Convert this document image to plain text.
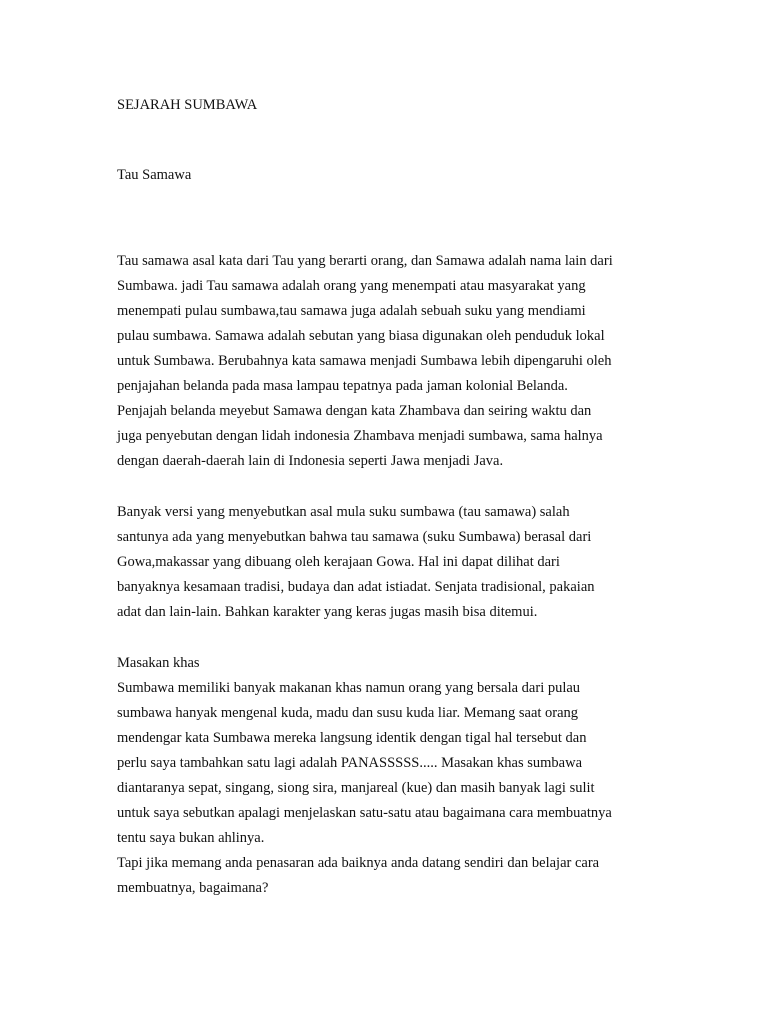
SEJARAH SUMBAWA
Tau Samawa
Tau samawa asal kata dari Tau yang berarti orang, dan Samawa adalah nama lain dari
Sumbawa. jadi Tau samawa adalah orang yang menempati atau masyarakat yang
menempati pulau sumbawa,tau samawa juga adalah sebuah suku yang mendiami
pulau sumbawa. Samawa adalah sebutan yang biasa digunakan oleh penduduk lokal
untuk Sumbawa. Berubahnya kata samawa menjadi Sumbawa lebih dipengaruhi oleh
penjajahan belanda pada masa lampau tepatnya pada jaman kolonial Belanda.
Penjajah belanda meyebut Samawa dengan kata Zhambava dan seiring waktu dan
juga penyebutan dengan lidah indonesia Zhambava menjadi sumbawa, sama halnya
dengan daerah-daerah lain di Indonesia seperti Jawa menjadi Java.
Banyak versi yang menyebutkan asal mula suku sumbawa (tau samawa) salah
santunya ada yang menyebutkan bahwa tau samawa (suku Sumbawa) berasal dari
Gowa,makassar yang dibuang oleh kerajaan Gowa. Hal ini dapat dilihat dari
banyaknya kesamaan tradisi, budaya dan adat istiadat. Senjata tradisional, pakaian
adat dan lain-lain. Bahkan karakter yang keras jugas masih bisa ditemui.
Masakan khas
Sumbawa memiliki banyak makanan khas namun orang yang bersala dari pulau
sumbawa hanyak mengenal kuda, madu dan susu kuda liar. Memang saat orang
mendengar kata Sumbawa mereka langsung identik dengan tigal hal tersebut dan
perlu saya tambahkan satu lagi adalah PANASSSSS..... Masakan khas sumbawa
diantaranya sepat, singang, siong sira, manjareal (kue) dan masih banyak lagi sulit
untuk saya sebutkan apalagi menjelaskan satu-satu atau bagaimana cara membuatnya
tentu saya bukan ahlinya.
Tapi jika memang anda penasaran ada baiknya anda datang sendiri dan belajar cara
membuatnya, bagaimana?
